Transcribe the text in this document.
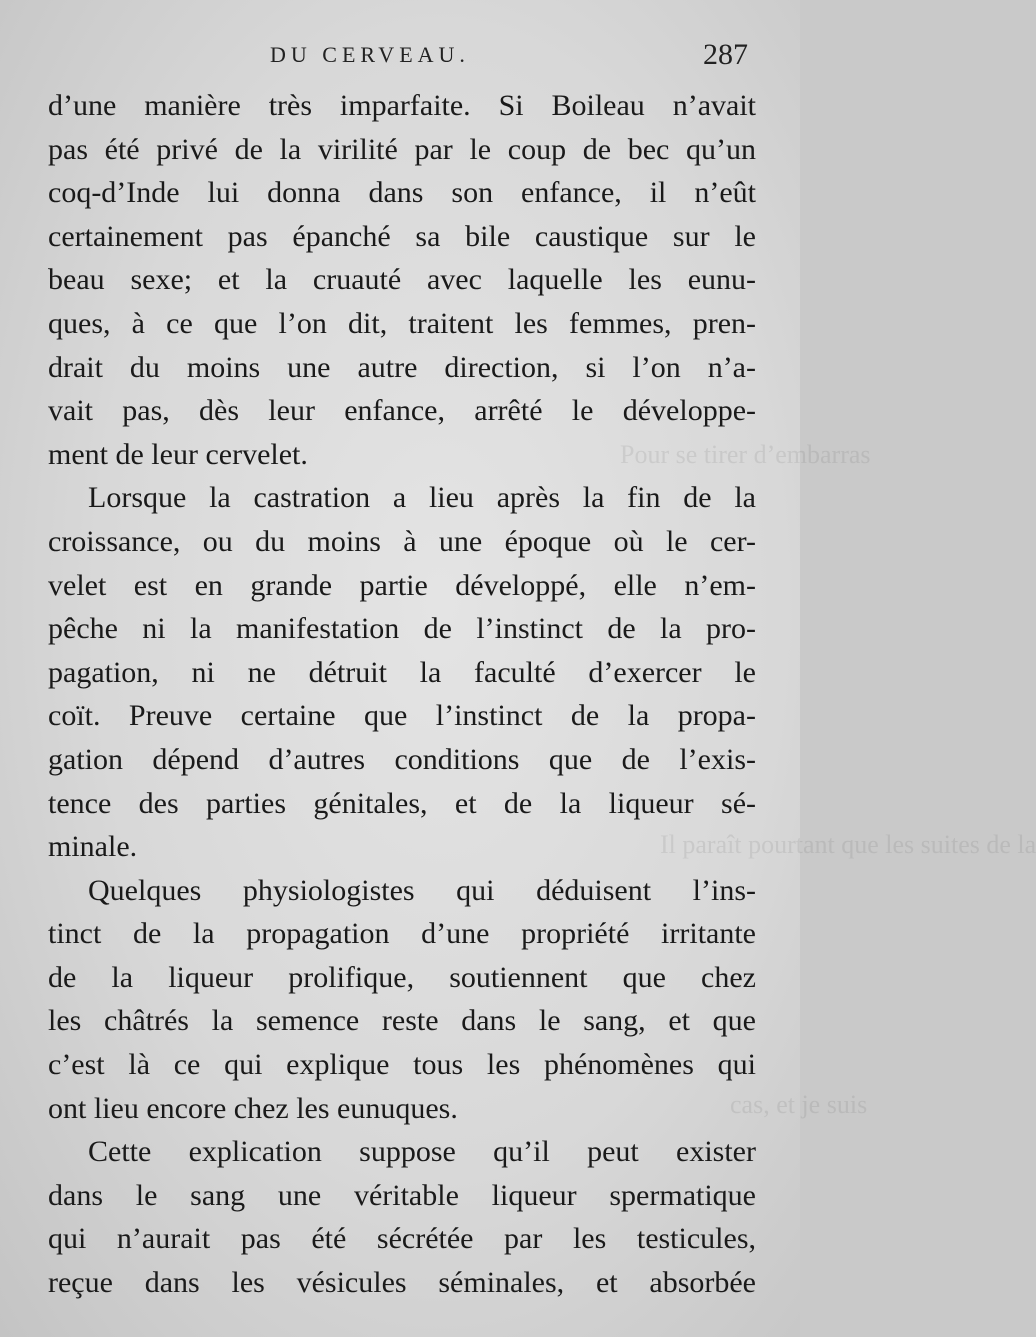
Pour se tirer d’embarras
Il paraît pourtant que les suites de la
cas, et je suis
DU CERVEAU.	287
d’une manière très imparfaite. Si Boileau n’avait
pas été privé de la virilité par le coup de bec qu’un
coq-d’Inde lui donna dans son enfance, il n’eût
certainement pas épanché sa bile caustique sur le
beau sexe; et la cruauté avec laquelle les eunu-
ques, à ce que l’on dit, traitent les femmes, pren-
drait du moins une autre direction, si l’on n’a-
vait pas, dès leur enfance, arrêté le développe-
ment de leur cervelet.
Lorsque la castration a lieu après la fin de la
croissance, ou du moins à une époque où le cer-
velet est en grande partie développé, elle n’em-
pêche ni la manifestation de l’instinct de la pro-
pagation, ni ne détruit la faculté d’exercer le
coït. Preuve certaine que l’instinct de la propa-
gation dépend d’autres conditions que de l’exis-
tence des parties génitales, et de la liqueur sé-
minale.
Quelques physiologistes qui déduisent l’ins-
tinct de la propagation d’une propriété irritante
de la liqueur prolifique, soutiennent que chez
les châtrés la semence reste dans le sang, et que
c’est là ce qui explique tous les phénomènes qui
ont lieu encore chez les eunuques.
Cette explication suppose qu’il peut exister
dans le sang une véritable liqueur spermatique
qui n’aurait pas été sécrétée par les testicules,
reçue dans les vésicules séminales, et absorbée
